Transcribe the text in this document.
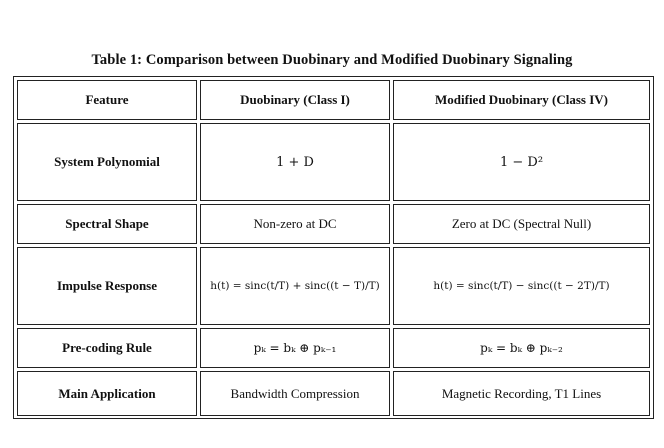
Table 1: Comparison between Duobinary and Modified Duobinary Signaling
Feature	Duobinary (Class I)	Modified Duobinary (Class IV)
System Polynomial	1 + D	1 − D²
Spectral Shape	Non-zero at DC	Zero at DC (Spectral Null)
Impulse Response	h(t) = sinc(t/T) + sinc((t − T)/T)	h(t) = sinc(t/T) − sinc((t − 2T)/T)
Pre-coding Rule	pₖ = bₖ ⊕ pₖ₋₁	pₖ = bₖ ⊕ pₖ₋₂
Main Application	Bandwidth Compression	Magnetic Recording, T1 Lines
